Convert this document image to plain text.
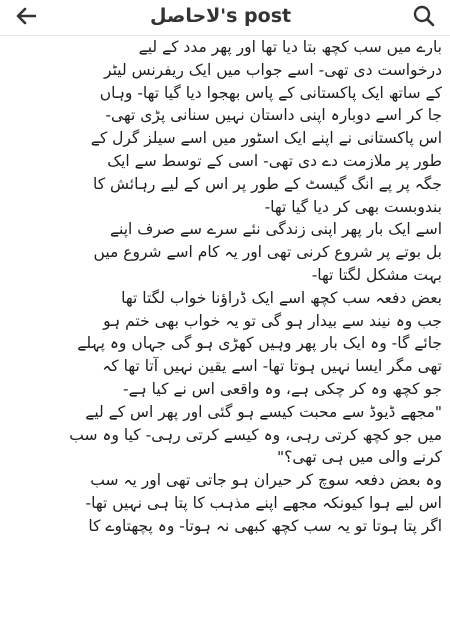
لاحاصل's post
بارے میں سب کچھ بتا دیا تھا اور پھر مدد کے لیے
درخواست دی تھی- اسے جواب میں ایک ریفرنس لیٹر
کے ساتھ ایک پاکستانی کے پاس بھجوا دیا گیا تھا- وہاں
جا کر اسے دوبارہ اپنی داستان نہیں سنانی پڑی تھی-
اس پاکستانی نے اپنے ایک اسٹور میں اسے سیلز گرل کے
طور پر ملازمت دے دی تھی- اسی کے توسط سے ایک
جگہ پر پے انگ گیسٹ کے طور پر اس کے لیے رہائش کا
بندوبست بھی کر دیا گیا تھا-
اسے ایک بار پھر اپنی زندگی نئے سرے سے صرف اپنے
بل بوتے پر شروع کرنی تھی اور یہ کام اسے شروع میں
بہت مشکل لگتا تھا-
بعض دفعہ سب کچھ اسے ایک ڈراؤنا خواب لگتا تھا
جب وہ نیند سے بیدار ہو گی تو یہ خواب بھی ختم ہو
جائے گا- وہ ایک بار پھر وہیں کھڑی ہو گی جہاں وہ پہلے
تھی مگر ایسا نہیں ہوتا تھا- اسے یقین نہیں آتا تھا کہ
جو کچھ وہ کر چکی ہے، وہ واقعی اس نے کیا ہے-
"مجھے ڈیوڈ سے محبت کیسے ہو گئی اور پھر اس کے لیے
میں جو کچھ کرتی رہی، وہ کیسے کرتی رہی- کیا وہ سب
کرنے والی میں ہی تھی؟"
وہ بعض دفعہ سوچ کر حیران ہو جاتی تھی اور یہ سب
اس لیے ہوا کیونکہ مجھے اپنے مذہب کا پتا ہی نہیں تھا-
اگر پتا ہوتا تو یہ سب کچھ کبھی نہ ہوتا- وہ پچھتاوے کا
